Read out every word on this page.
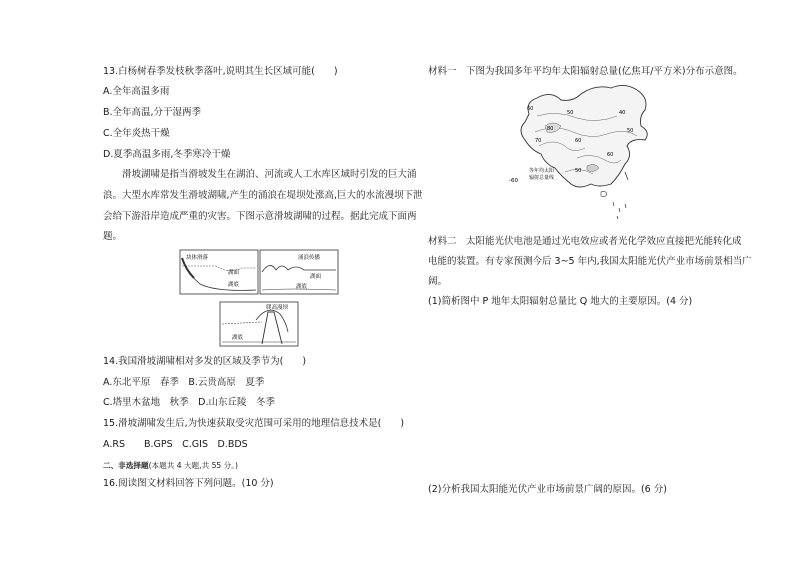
13.白杨树春季发枝秋季落叶,说明其生长区域可能(　　)
A.全年高温多雨
B.全年高温,分干湿两季
C.全年炎热干燥
D.夏季高温多雨,冬季寒冷干燥
　　滑坡湖啸是指当滑坡发生在湖泊、河流或人工水库区域时引发的巨大涌
浪。大型水库常发生滑坡湖啸,产生的涌浪在堤坝处涨高,巨大的水流漫坝下泄
会给下游沿岸造成严重的灾害。下图示意滑坡湖啸的过程。据此完成下面两
题。
块体滑落
湖面
湖底
涌浪传播
湖面
湖底
爬高漫坝
湖底
14.我国滑坡湖啸相对多发的区域及季节为(　　)
A.东北平原　春季　B.云贵高原　夏季
C.塔里木盆地　秋季　D.山东丘陵　冬季
15.滑坡湖啸发生后,为快速获取受灾范围可采用的地理信息技术是(　　)
A.RS　　B.GPS　C.GIS　D.BDS
二、非选择题(本题共 4 大题,共 55 分。)
16.阅读图文材料回答下列问题。(10 分)
材料一　下图为我国多年平均年太阳辐射总量(亿焦耳/平方米)分布示意图。
60
50	40
80
70	60
50
60
50
-60
等年均太阳
辐射总量线
材料二　太阳能光伏电池是通过光电效应或者光化学效应直接把光能转化成
电能的装置。有专家预测今后 3~5 年内,我国太阳能光伏产业市场前景相当广
阔。
(1)简析图中 P 地年太阳辐射总量比 Q 地大的主要原因。(4 分)
(2)分析我国太阳能光伏产业市场前景广阔的原因。(6 分)
